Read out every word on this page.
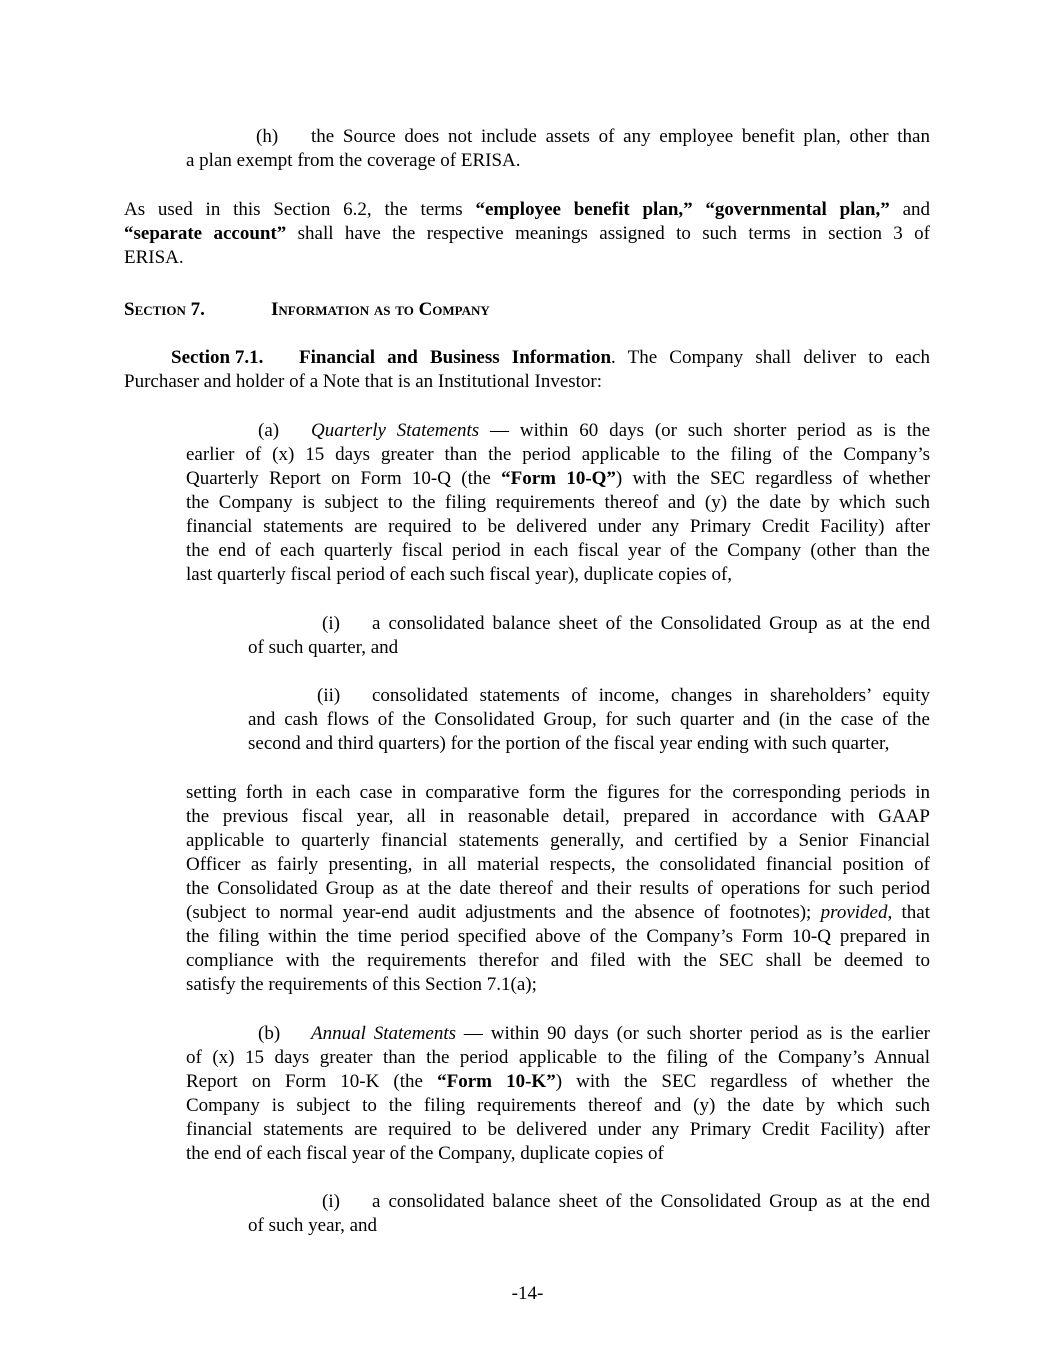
(h) the Source does not include assets of any employee benefit plan, other than
a plan exempt from the coverage of ERISA.
As used in this Section 6.2, the terms “employee benefit plan,” “governmental plan,” and
“separate account” shall have the respective meanings assigned to such terms in section 3 of
ERISA.
Section 7.	Information as to Company
Section 7.1. Financial and Business Information. The Company shall deliver to each
Purchaser and holder of a Note that is an Institutional Investor:
(a) Quarterly Statements — within 60 days (or such shorter period as is the
earlier of (x) 15 days greater than the period applicable to the filing of the Company’s
Quarterly Report on Form 10-Q (the “Form 10-Q”) with the SEC regardless of whether
the Company is subject to the filing requirements thereof and (y) the date by which such
financial statements are required to be delivered under any Primary Credit Facility) after
the end of each quarterly fiscal period in each fiscal year of the Company (other than the
last quarterly fiscal period of each such fiscal year), duplicate copies of,
(i) a consolidated balance sheet of the Consolidated Group as at the end
of such quarter, and
(ii) consolidated statements of income, changes in shareholders’ equity
and cash flows of the Consolidated Group, for such quarter and (in the case of the
second and third quarters) for the portion of the fiscal year ending with such quarter,
setting forth in each case in comparative form the figures for the corresponding periods in
the previous fiscal year, all in reasonable detail, prepared in accordance with GAAP
applicable to quarterly financial statements generally, and certified by a Senior Financial
Officer as fairly presenting, in all material respects, the consolidated financial position of
the Consolidated Group as at the date thereof and their results of operations for such period
(subject to normal year-end audit adjustments and the absence of footnotes); provided, that
the filing within the time period specified above of the Company’s Form 10-Q prepared in
compliance with the requirements therefor and filed with the SEC shall be deemed to
satisfy the requirements of this Section 7.1(a);
(b) Annual Statements — within 90 days (or such shorter period as is the earlier
of (x) 15 days greater than the period applicable to the filing of the Company’s Annual
Report on Form 10-K (the “Form 10-K”) with the SEC regardless of whether the
Company is subject to the filing requirements thereof and (y) the date by which such
financial statements are required to be delivered under any Primary Credit Facility) after
the end of each fiscal year of the Company, duplicate copies of
(i) a consolidated balance sheet of the Consolidated Group as at the end
of such year, and
-14-
